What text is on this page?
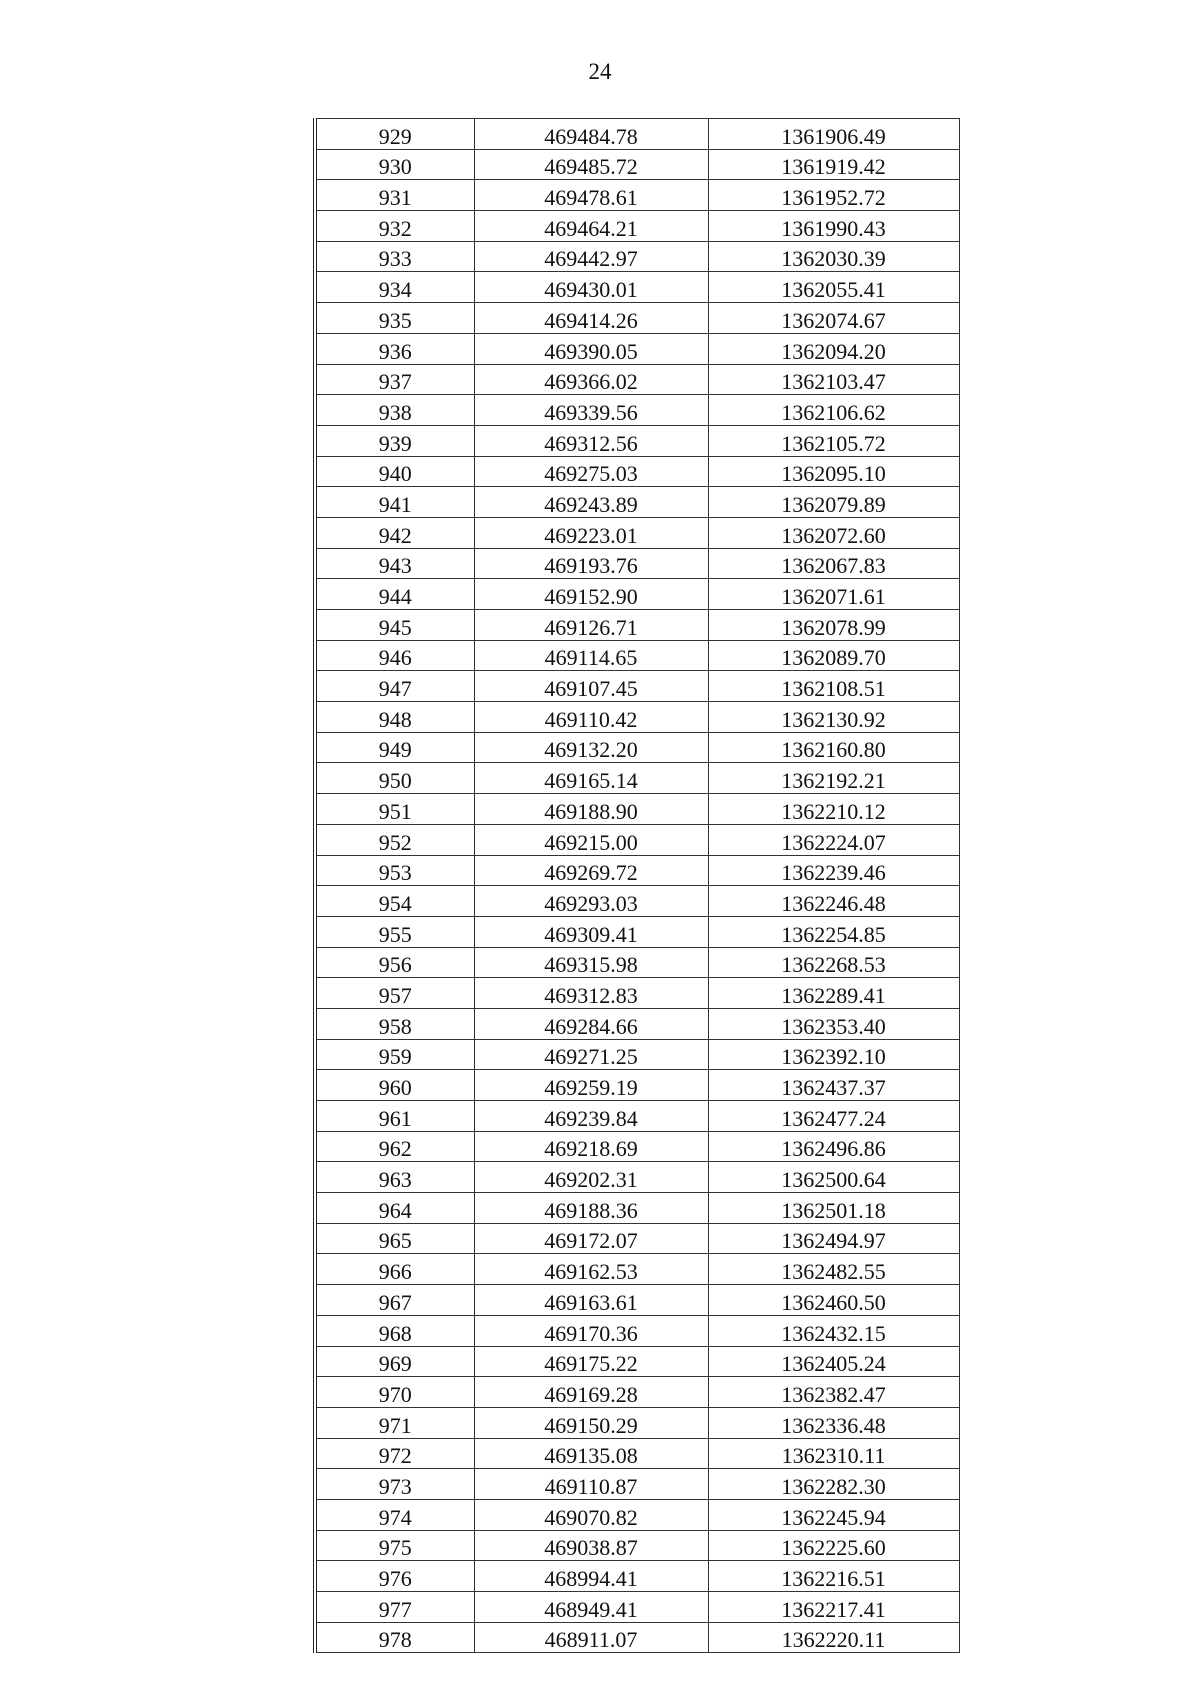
24
929	469484.78	1361906.49
930	469485.72	1361919.42
931	469478.61	1361952.72
932	469464.21	1361990.43
933	469442.97	1362030.39
934	469430.01	1362055.41
935	469414.26	1362074.67
936	469390.05	1362094.20
937	469366.02	1362103.47
938	469339.56	1362106.62
939	469312.56	1362105.72
940	469275.03	1362095.10
941	469243.89	1362079.89
942	469223.01	1362072.60
943	469193.76	1362067.83
944	469152.90	1362071.61
945	469126.71	1362078.99
946	469114.65	1362089.70
947	469107.45	1362108.51
948	469110.42	1362130.92
949	469132.20	1362160.80
950	469165.14	1362192.21
951	469188.90	1362210.12
952	469215.00	1362224.07
953	469269.72	1362239.46
954	469293.03	1362246.48
955	469309.41	1362254.85
956	469315.98	1362268.53
957	469312.83	1362289.41
958	469284.66	1362353.40
959	469271.25	1362392.10
960	469259.19	1362437.37
961	469239.84	1362477.24
962	469218.69	1362496.86
963	469202.31	1362500.64
964	469188.36	1362501.18
965	469172.07	1362494.97
966	469162.53	1362482.55
967	469163.61	1362460.50
968	469170.36	1362432.15
969	469175.22	1362405.24
970	469169.28	1362382.47
971	469150.29	1362336.48
972	469135.08	1362310.11
973	469110.87	1362282.30
974	469070.82	1362245.94
975	469038.87	1362225.60
976	468994.41	1362216.51
977	468949.41	1362217.41
978	468911.07	1362220.11
